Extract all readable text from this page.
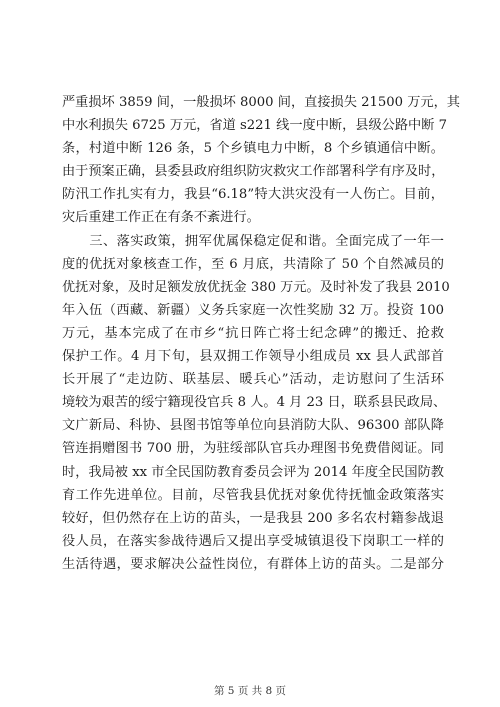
严重损坏 3859 间，一般损坏 8000 间，直接损失 21500 万元，其
中水利损失 6725 万元，省道 s221 线一度中断，县级公路中断 7
条，村道中断 126 条，5 个乡镇电力中断，8 个乡镇通信中断。
由于预案正确，县委县政府组织防灾救灾工作部署科学有序及时，
防汛工作扎实有力，我县“6.18”特大洪灾没有一人伤亡。目前，
灾后重建工作正在有条不紊进行。
　　三、落实政策，拥军优属保稳定促和谐。全面完成了一年一
度的优抚对象核查工作，至 6 月底，共清除了 50 个自然减员的
优抚对象，及时足额发放优抚金 380 万元。及时补发了我县 2010
年入伍（西藏、新疆）义务兵家庭一次性奖励 32 万。投资 100
万元，基本完成了在市乡“抗日阵亡将士纪念碑”的搬迁、抢救
保护工作。4 月下旬，县双拥工作领导小组成员 xx 县人武部首
长开展了“走边防、联基层、暖兵心”活动，走访慰问了生活环
境较为艰苦的绥宁籍现役官兵 8 人。4 月 23 日，联系县民政局、
文广新局、科协、县图书馆等单位向县消防大队、96300 部队降
管连捐赠图书 700 册，为驻绥部队官兵办理图书免费借阅证。同
时，我局被 xx 市全民国防教育委员会评为 2014 年度全民国防教
育工作先进单位。目前，尽管我县优抚对象优待抚恤金政策落实
较好，但仍然存在上访的苗头，一是我县 200 多名农村籍参战退
役人员，在落实参战待遇后又提出享受城镇退役下岗职工一样的
生活待遇，要求解决公益性岗位，有群体上访的苗头。二是部分
第 5 页 共 8 页
